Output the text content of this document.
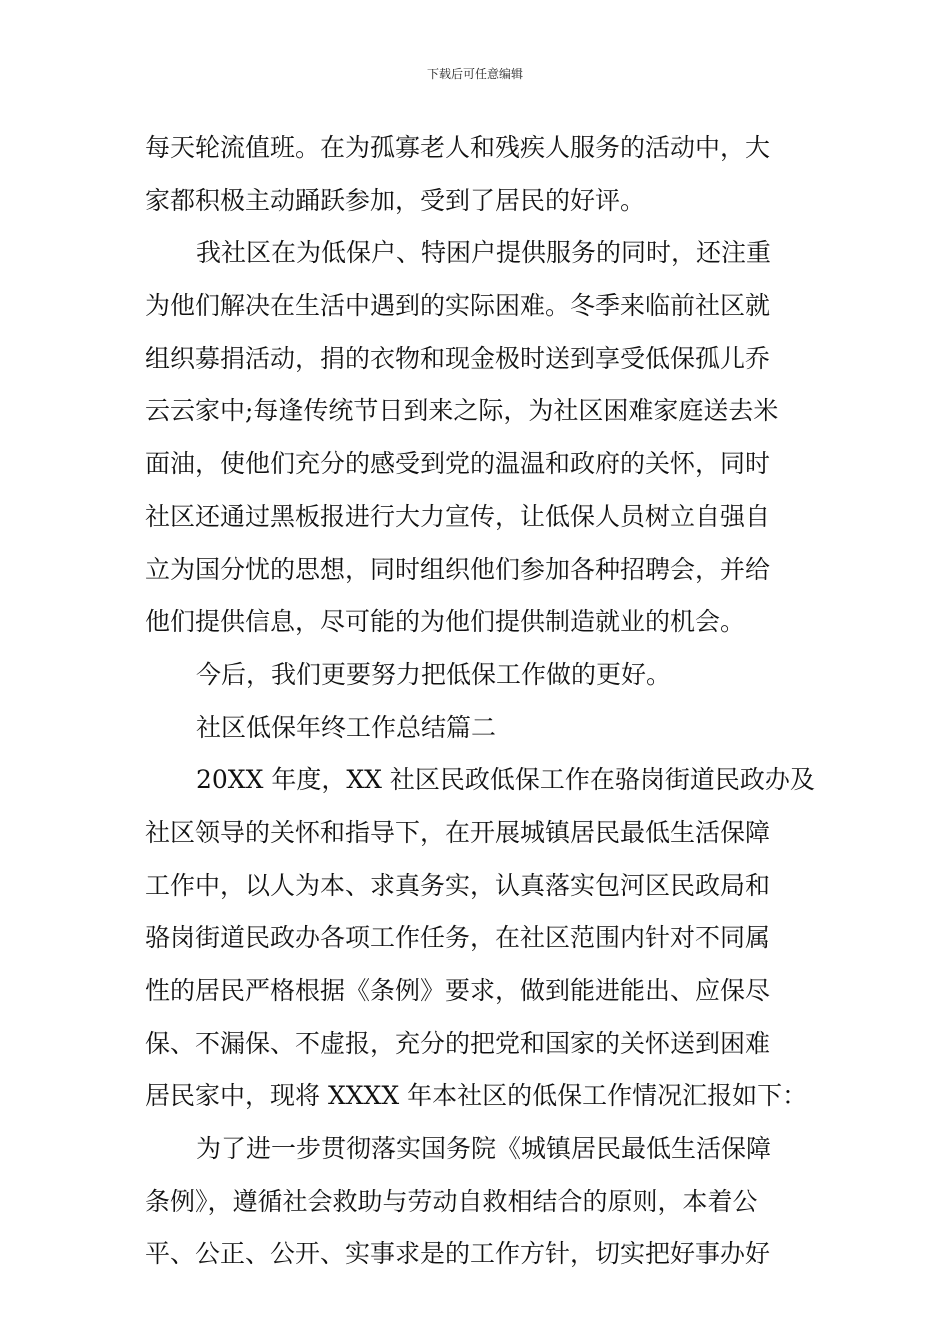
下载后可任意编辑
每天轮流值班。在为孤寡老人和残疾人服务的活动中，大
家都积极主动踊跃参加，受到了居民的好评。
我社区在为低保户、特困户提供服务的同时，还注重
为他们解决在生活中遇到的实际困难。冬季来临前社区就
组织募捐活动，捐的衣物和现金极时送到享受低保孤儿乔
云云家中;每逢传统节日到来之际，为社区困难家庭送去米
面油，使他们充分的感受到党的温温和政府的关怀，同时
社区还通过黑板报进行大力宣传，让低保人员树立自强自
立为国分忧的思想，同时组织他们参加各种招聘会，并给
他们提供信息，尽可能的为他们提供制造就业的机会。
今后，我们更要努力把低保工作做的更好。
社区低保年终工作总结篇二
20XX 年度，XX 社区民政低保工作在骆岗街道民政办及
社区领导的关怀和指导下，在开展城镇居民最低生活保障
工作中，以人为本、求真务实，认真落实包河区民政局和
骆岗街道民政办各项工作任务，在社区范围内针对不同属
性的居民严格根据《条例》要求，做到能进能出、应保尽
保、不漏保、不虚报，充分的把党和国家的关怀送到困难
居民家中，现将 XXXX 年本社区的低保工作情况汇报如下：
为了进一步贯彻落实国务院《城镇居民最低生活保障
条例》，遵循社会救助与劳动自救相结合的原则，本着公
平、公正、公开、实事求是的工作方针，切实把好事办好
